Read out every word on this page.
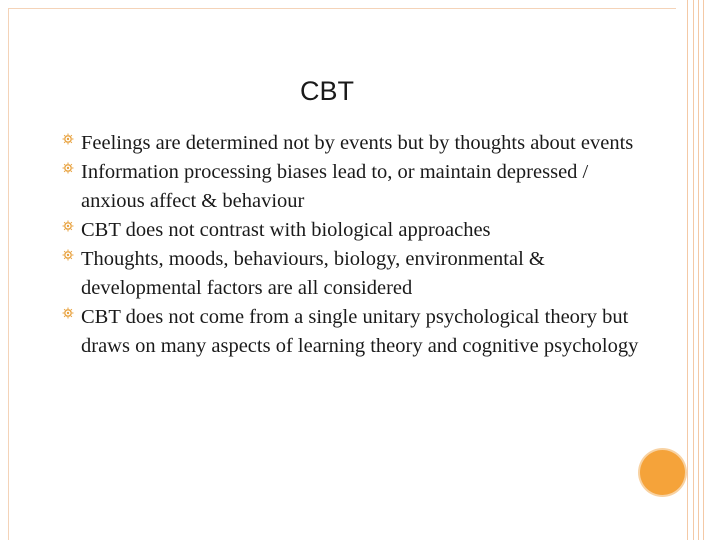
CBT
Feelings are determined not by events but by thoughts about events
Information processing biases lead to, or maintain depressed / anxious affect & behaviour
CBT does not contrast with biological approaches
Thoughts, moods, behaviours, biology, environmental & developmental factors are all considered
CBT does not come from a single unitary psychological theory but draws on many aspects of learning theory and cognitive psychology
